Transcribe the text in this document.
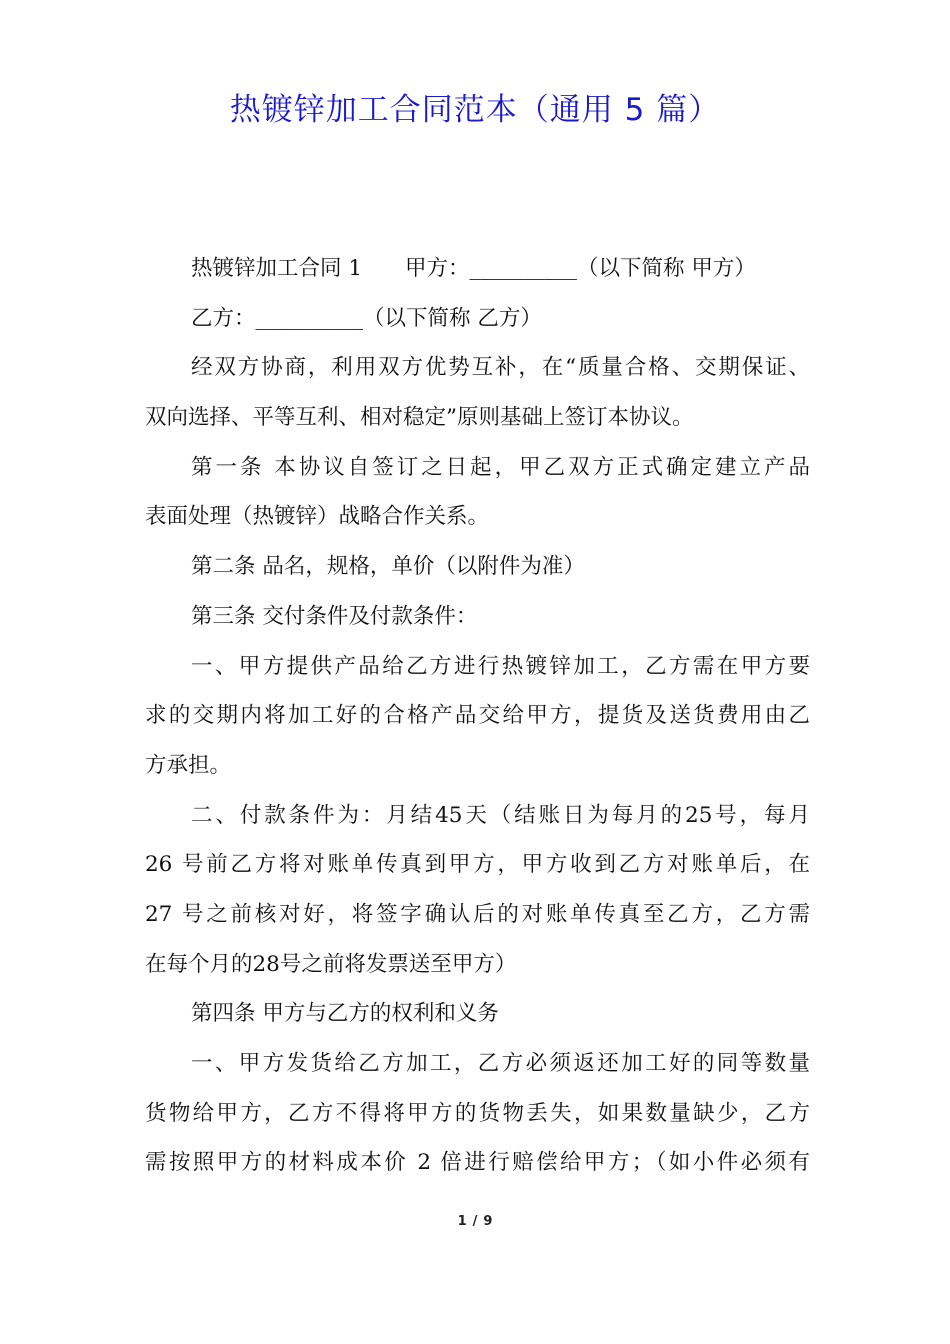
热镀锌加工合同范本（通用 5 篇）
热镀锌加工合同 1　　甲方：__________（以下简称 甲方）
乙方：__________（以下简称 乙方）
经双方协商，利用双方优势互补，在“质量合格、交期保证、
双向选择、平等互利、相对稳定”原则基础上签订本协议。
第一条 本协议自签订之日起，甲乙双方正式确定建立产品
表面处理（热镀锌）战略合作关系。
第二条 品名，规格，单价（以附件为准）
第三条 交付条件及付款条件：
一、甲方提供产品给乙方进行热镀锌加工，乙方需在甲方要
求的交期内将加工好的合格产品交给甲方，提货及送货费用由乙
方承担。
二、付款条件为：月结45天（结账日为每月的25号，每月
26 号前乙方将对账单传真到甲方，甲方收到乙方对账单后，在
27 号之前核对好，将签字确认后的对账单传真至乙方，乙方需
在每个月的28号之前将发票送至甲方）
第四条 甲方与乙方的权利和义务
一、甲方发货给乙方加工，乙方必须返还加工好的同等数量
货物给甲方，乙方不得将甲方的货物丢失，如果数量缺少，乙方
需按照甲方的材料成本价 2 倍进行赔偿给甲方；（如小件必须有
1 / 9
